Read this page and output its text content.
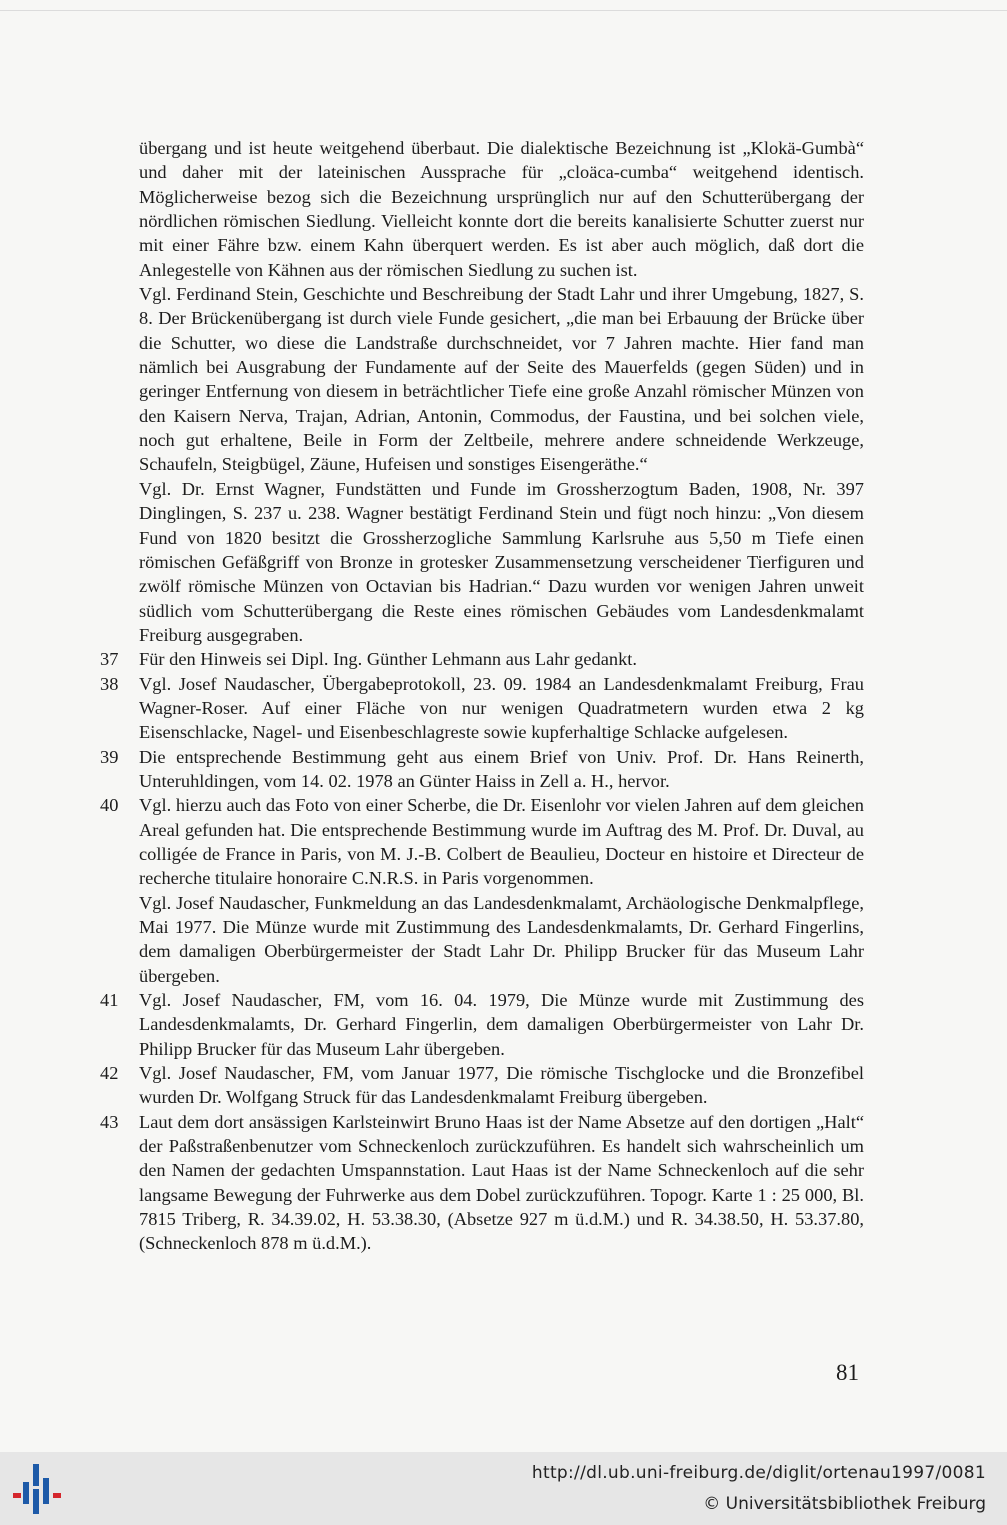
übergang und ist heute weitgehend überbaut. Die dialektische Bezeichnung ist „Klokä-Gumbà“ und daher mit der lateinischen Aussprache für „cloäca-cumba“ weitgehend identisch. Möglicherweise bezog sich die Bezeichnung ursprünglich nur auf den Schutterübergang der nördlichen römischen Siedlung. Vielleicht konnte dort die bereits kanalisierte Schutter zuerst nur mit einer Fähre bzw. einem Kahn überquert werden. Es ist aber auch möglich, daß dort die Anlegestelle von Kähnen aus der römischen Siedlung zu suchen ist.
Vgl. Ferdinand Stein, Geschichte und Beschreibung der Stadt Lahr und ihrer Umgebung, 1827, S. 8. Der Brückenübergang ist durch viele Funde gesichert, „die man bei Erbauung der Brücke über die Schutter, wo diese die Landstraße durchschneidet, vor 7 Jahren machte. Hier fand man nämlich bei Ausgrabung der Fundamente auf der Seite des Mauerfelds (gegen Süden) und in geringer Entfernung von diesem in beträchtlicher Tiefe eine große Anzahl römischer Münzen von den Kaisern Nerva, Trajan, Adrian, Antonin, Commodus, der Faustina, und bei solchen viele, noch gut erhaltene, Beile in Form der Zeltbeile, mehrere andere schneidende Werkzeuge, Schaufeln, Steigbügel, Zäune, Hufeisen und sonstiges Eisengeräthe.“
Vgl. Dr. Ernst Wagner, Fundstätten und Funde im Grossherzogtum Baden, 1908, Nr. 397 Dinglingen, S. 237 u. 238. Wagner bestätigt Ferdinand Stein und fügt noch hinzu: „Von diesem Fund von 1820 besitzt die Grossherzogliche Sammlung Karlsruhe aus 5,50 m Tiefe einen römischen Gefäßgriff von Bronze in grotesker Zusammensetzung verscheidener Tierfiguren und zwölf römische Münzen von Octavian bis Hadrian.“ Dazu wurden vor wenigen Jahren unweit südlich vom Schutterübergang die Reste eines römischen Gebäudes vom Landesdenkmalamt Freiburg ausgegraben.
37 Für den Hinweis sei Dipl. Ing. Günther Lehmann aus Lahr gedankt.
38 Vgl. Josef Naudascher, Übergabeprotokoll, 23. 09. 1984 an Landesdenkmalamt Freiburg, Frau Wagner-Roser. Auf einer Fläche von nur wenigen Quadratmetern wurden etwa 2 kg Eisenschlacke, Nagel- und Eisenbeschlagreste sowie kupferhaltige Schlacke aufgelesen.
39 Die entsprechende Bestimmung geht aus einem Brief von Univ. Prof. Dr. Hans Reinerth, Unteruhldingen, vom 14. 02. 1978 an Günter Haiss in Zell a. H., hervor.
40 Vgl. hierzu auch das Foto von einer Scherbe, die Dr. Eisenlohr vor vielen Jahren auf dem gleichen Areal gefunden hat. Die entsprechende Bestimmung wurde im Auftrag des M. Prof. Dr. Duval, au colligée de France in Paris, von M. J.-B. Colbert de Beaulieu, Docteur en histoire et Directeur de recherche titulaire honoraire C.N.R.S. in Paris vorgenommen.
Vgl. Josef Naudascher, Funkmeldung an das Landesdenkmalamt, Archäologische Denkmalpflege, Mai 1977. Die Münze wurde mit Zustimmung des Landesdenkmalamts, Dr. Gerhard Fingerlins, dem damaligen Oberbürgermeister der Stadt Lahr Dr. Philipp Brucker für das Museum Lahr übergeben.
41 Vgl. Josef Naudascher, FM, vom 16. 04. 1979, Die Münze wurde mit Zustimmung des Landesdenkmalamts, Dr. Gerhard Fingerlin, dem damaligen Oberbürgermeister von Lahr Dr. Philipp Brucker für das Museum Lahr übergeben.
42 Vgl. Josef Naudascher, FM, vom Januar 1977, Die römische Tischglocke und die Bronzefibel wurden Dr. Wolfgang Struck für das Landesdenkmalamt Freiburg übergeben.
43 Laut dem dort ansässigen Karlsteinwirt Bruno Haas ist der Name Absetze auf den dortigen „Halt“ der Paßstraßenbenutzer vom Schneckenloch zurückzuführen. Es handelt sich wahrscheinlich um den Namen der gedachten Umspannstation. Laut Haas ist der Name Schneckenloch auf die sehr langsame Bewegung der Fuhrwerke aus dem Dobel zurückzuführen. Topogr. Karte 1 : 25 000, Bl. 7815 Triberg, R. 34.39.02, H. 53.38.30, (Absetze 927 m ü.d.M.) und R. 34.38.50, H. 53.37.80, (Schneckenloch 878 m ü.d.M.).
81
http://dl.ub.uni-freiburg.de/diglit/ortenau1997/0081
© Universitätsbibliothek Freiburg
